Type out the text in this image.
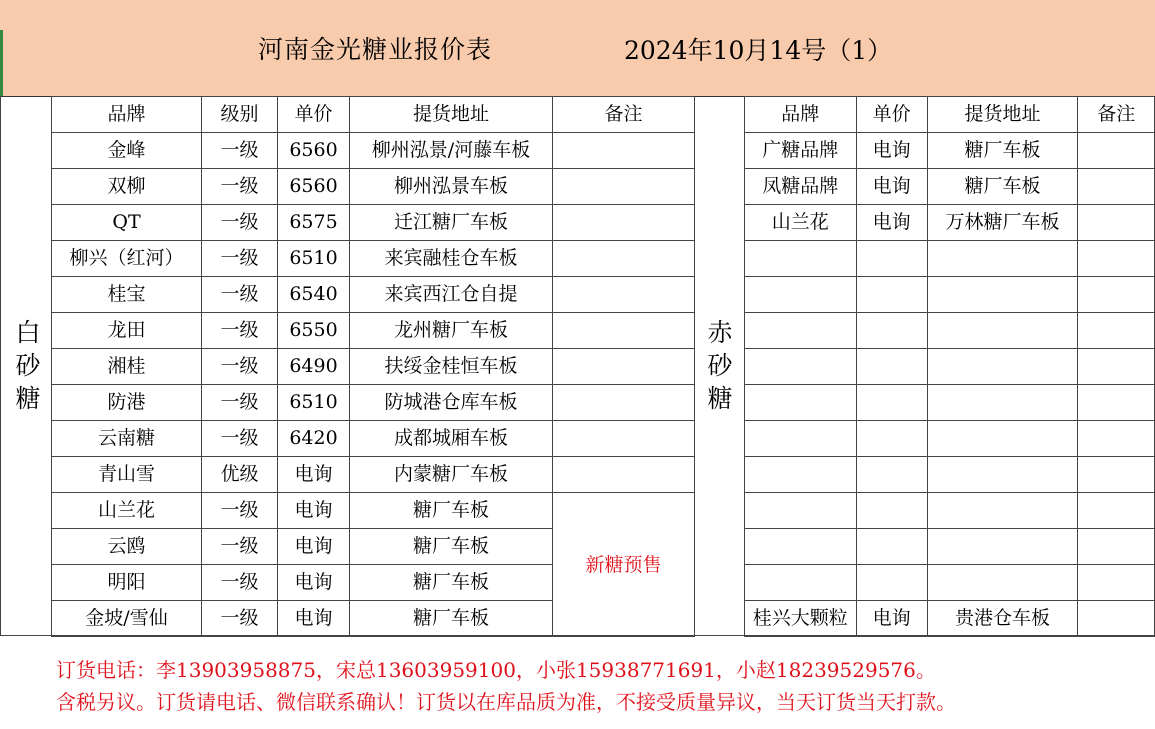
河南金光糖业报价表	2024年10月14号（1）
白
砂
糖
品牌	级别	单价	提货地址	备注
金峰	一级	6560	柳州泓景/河藤车板	
双柳	一级	6560	柳州泓景车板	
QT	一级	6575	迁江糖厂车板	
柳兴（红河）	一级	6510	来宾融桂仓车板	
桂宝	一级	6540	来宾西江仓自提	
龙田	一级	6550	龙州糖厂车板	
湘桂	一级	6490	扶绥金桂恒车板	
防港	一级	6510	防城港仓库车板	
云南糖	一级	6420	成都城厢车板	
青山雪	优级	电询	内蒙糖厂车板	
山兰花	一级	电询	糖厂车板	新糖预售
云鸥	一级	电询	糖厂车板	
明阳	一级	电询	糖厂车板	
金坡/雪仙	一级	电询	糖厂车板	
赤
砂
糖
品牌	单价	提货地址	备注
广糖品牌	电询	糖厂车板	
凤糖品牌	电询	糖厂车板	
山兰花	电询	万林糖厂车板	

桂兴大颗粒	电询	贵港仓车板	
订货电话：李13903958875，宋总13603959100，小张15938771691，小赵18239529576。
含税另议。订货请电话、微信联系确认！订货以在库品质为准，不接受质量异议，当天订货当天打款。
